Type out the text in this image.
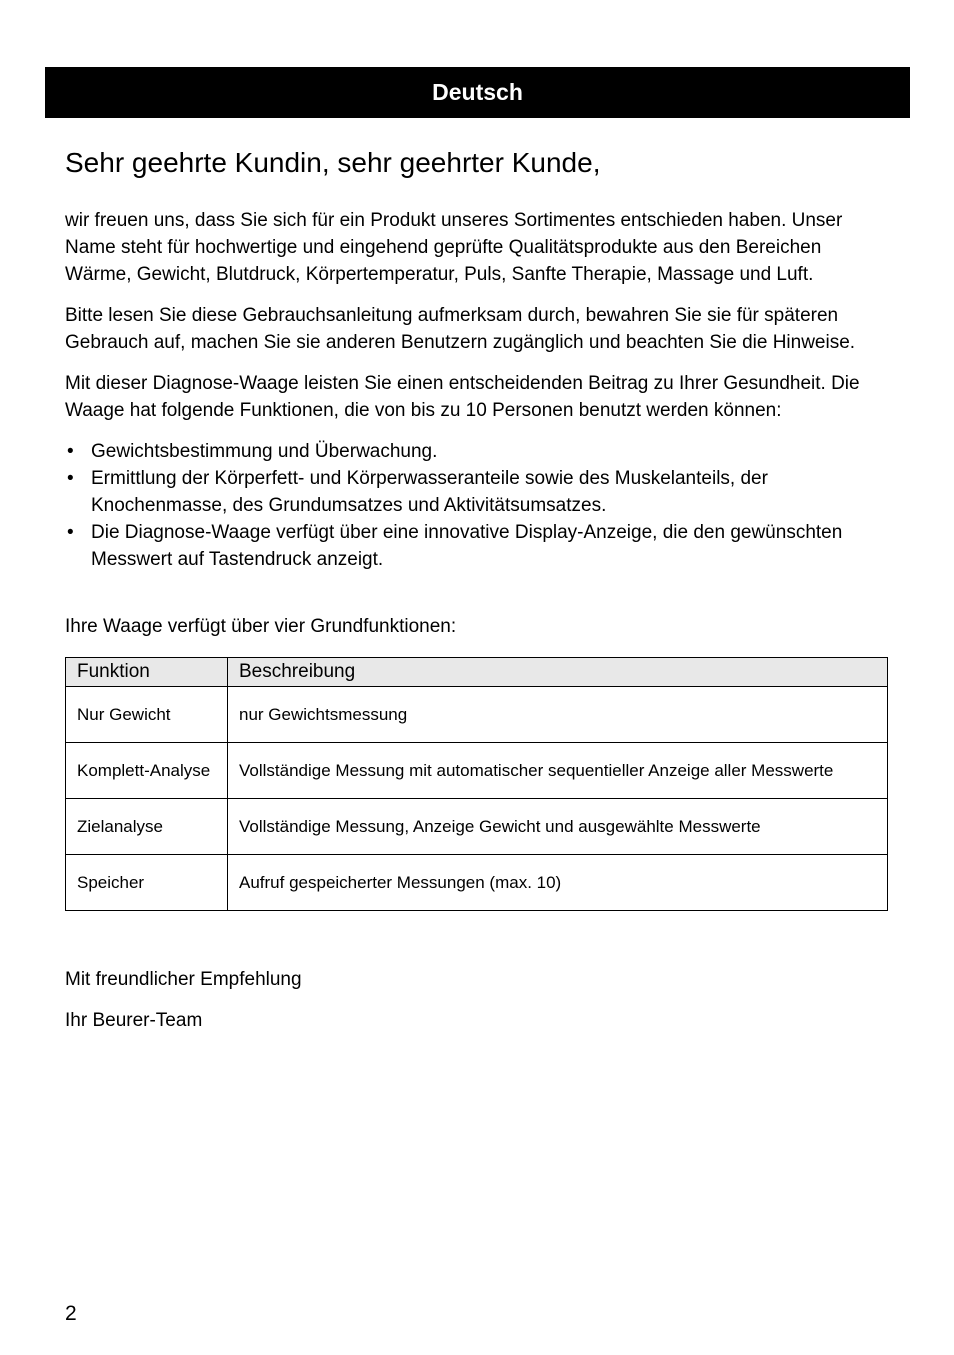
Deutsch
Sehr geehrte Kundin, sehr geehrter Kunde,

wir freuen uns, dass Sie sich für ein Produkt unseres Sortimentes entschieden haben. Unser Name steht für hochwertige und eingehend geprüfte Qualitätsprodukte aus den Bereichen Wärme, Gewicht, Blutdruck, Körpertemperatur, Puls, Sanfte Therapie, Massage und Luft.

Bitte lesen Sie diese Gebrauchsanleitung aufmerksam durch, bewahren Sie sie für späteren Gebrauch auf, machen Sie sie anderen Benutzern zugänglich und beachten Sie die Hinweise.

Mit dieser Diagnose-Waage leisten Sie einen entscheidenden Beitrag zu Ihrer Gesundheit. Die Waage hat folgende Funktionen, die von bis zu 10 Personen benutzt werden können:

• Gewichtsbestimmung und Überwachung.
• Ermittlung der Körperfett- und Körperwasseranteile sowie des Muskelanteils, der Knochenmasse, des Grundumsatzes und Aktivitätsumsatzes.
• Die Diagnose-Waage verfügt über eine innovative Display-Anzeige, die den gewünschten Messwert auf Tastendruck anzeigt.

Ihre Waage verfügt über vier Grundfunktionen:

Funktion	Beschreibung
Nur Gewicht	nur Gewichtsmessung
Komplett-Analyse	Vollständige Messung mit automatischer sequentieller Anzeige aller Messwerte
Zielanalyse	Vollständige Messung, Anzeige Gewicht und ausgewählte Messwerte
Speicher	Aufruf gespeicherter Messungen (max. 10)

Mit freundlicher Empfehlung

Ihr Beurer-Team

2
